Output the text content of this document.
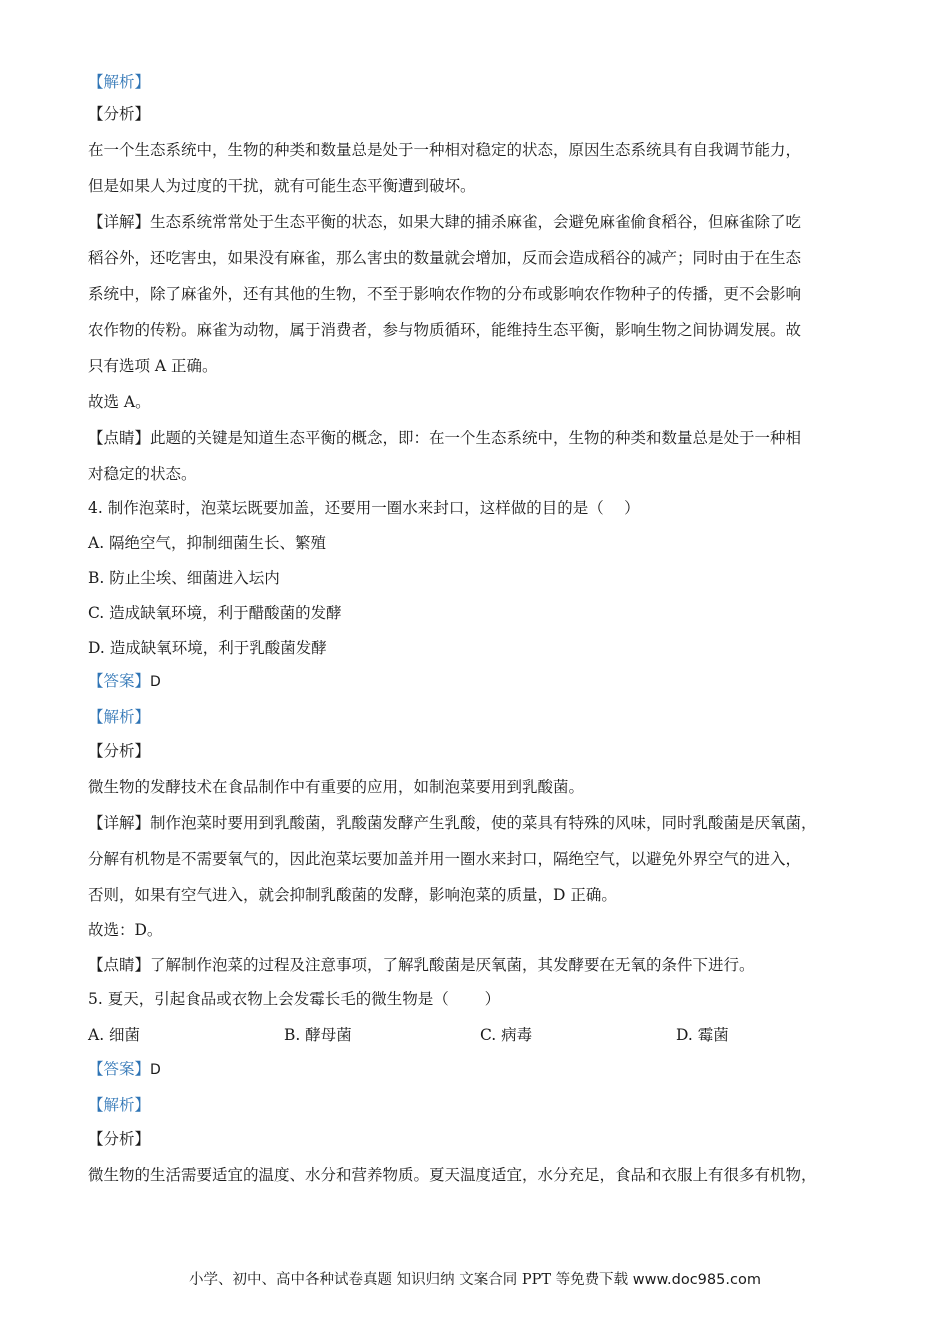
【解析】
【分析】
在一个生态系统中，生物的种类和数量总是处于一种相对稳定的状态，原因生态系统具有自我调节能力，
但是如果人为过度的干扰，就有可能生态平衡遭到破坏。
【详解】生态系统常常处于生态平衡的状态，如果大肆的捕杀麻雀，会避免麻雀偷食稻谷，但麻雀除了吃
稻谷外，还吃害虫，如果没有麻雀，那么害虫的数量就会增加，反而会造成稻谷的减产；同时由于在生态
系统中，除了麻雀外，还有其他的生物，不至于影响农作物的分布或影响农作物种子的传播，更不会影响
农作物的传粉。麻雀为动物，属于消费者，参与物质循环，能维持生态平衡，影响生物之间协调发展。故
只有选项 A 正确。
故选 A。
【点睛】此题的关键是知道生态平衡的概念，即：在一个生态系统中，生物的种类和数量总是处于一种相
对稳定的状态。
4. 制作泡菜时，泡菜坛既要加盖，还要用一圈水来封口，这样做的目的是（　 ）
A. 隔绝空气，抑制细菌生长、繁殖
B. 防止尘埃、细菌进入坛内
C. 造成缺氧环境，利于醋酸菌的发酵
D. 造成缺氧环境，利于乳酸菌发酵
【答案】D
【解析】
【分析】
微生物的发酵技术在食品制作中有重要的应用，如制泡菜要用到乳酸菌。
【详解】制作泡菜时要用到乳酸菌，乳酸菌发酵产生乳酸，使的菜具有特殊的风味，同时乳酸菌是厌氧菌，
分解有机物是不需要氧气的，因此泡菜坛要加盖并用一圈水来封口，隔绝空气，以避免外界空气的进入，
否则，如果有空气进入，就会抑制乳酸菌的发酵，影响泡菜的质量，D 正确。
故选：D。
【点睛】了解制作泡菜的过程及注意事项，了解乳酸菌是厌氧菌，其发酵要在无氧的条件下进行。
5. 夏天，引起食品或衣物上会发霉长毛的微生物是（　　 ）
A. 细菌	B. 酵母菌	C. 病毒	D. 霉菌
【答案】D
【解析】
【分析】
微生物的生活需要适宜的温度、水分和营养物质。夏天温度适宜，水分充足，食品和衣服上有很多有机物，
小学、初中、高中各种试卷真题 知识归纳 文案合同 PPT 等免费下载 www.doc985.com
